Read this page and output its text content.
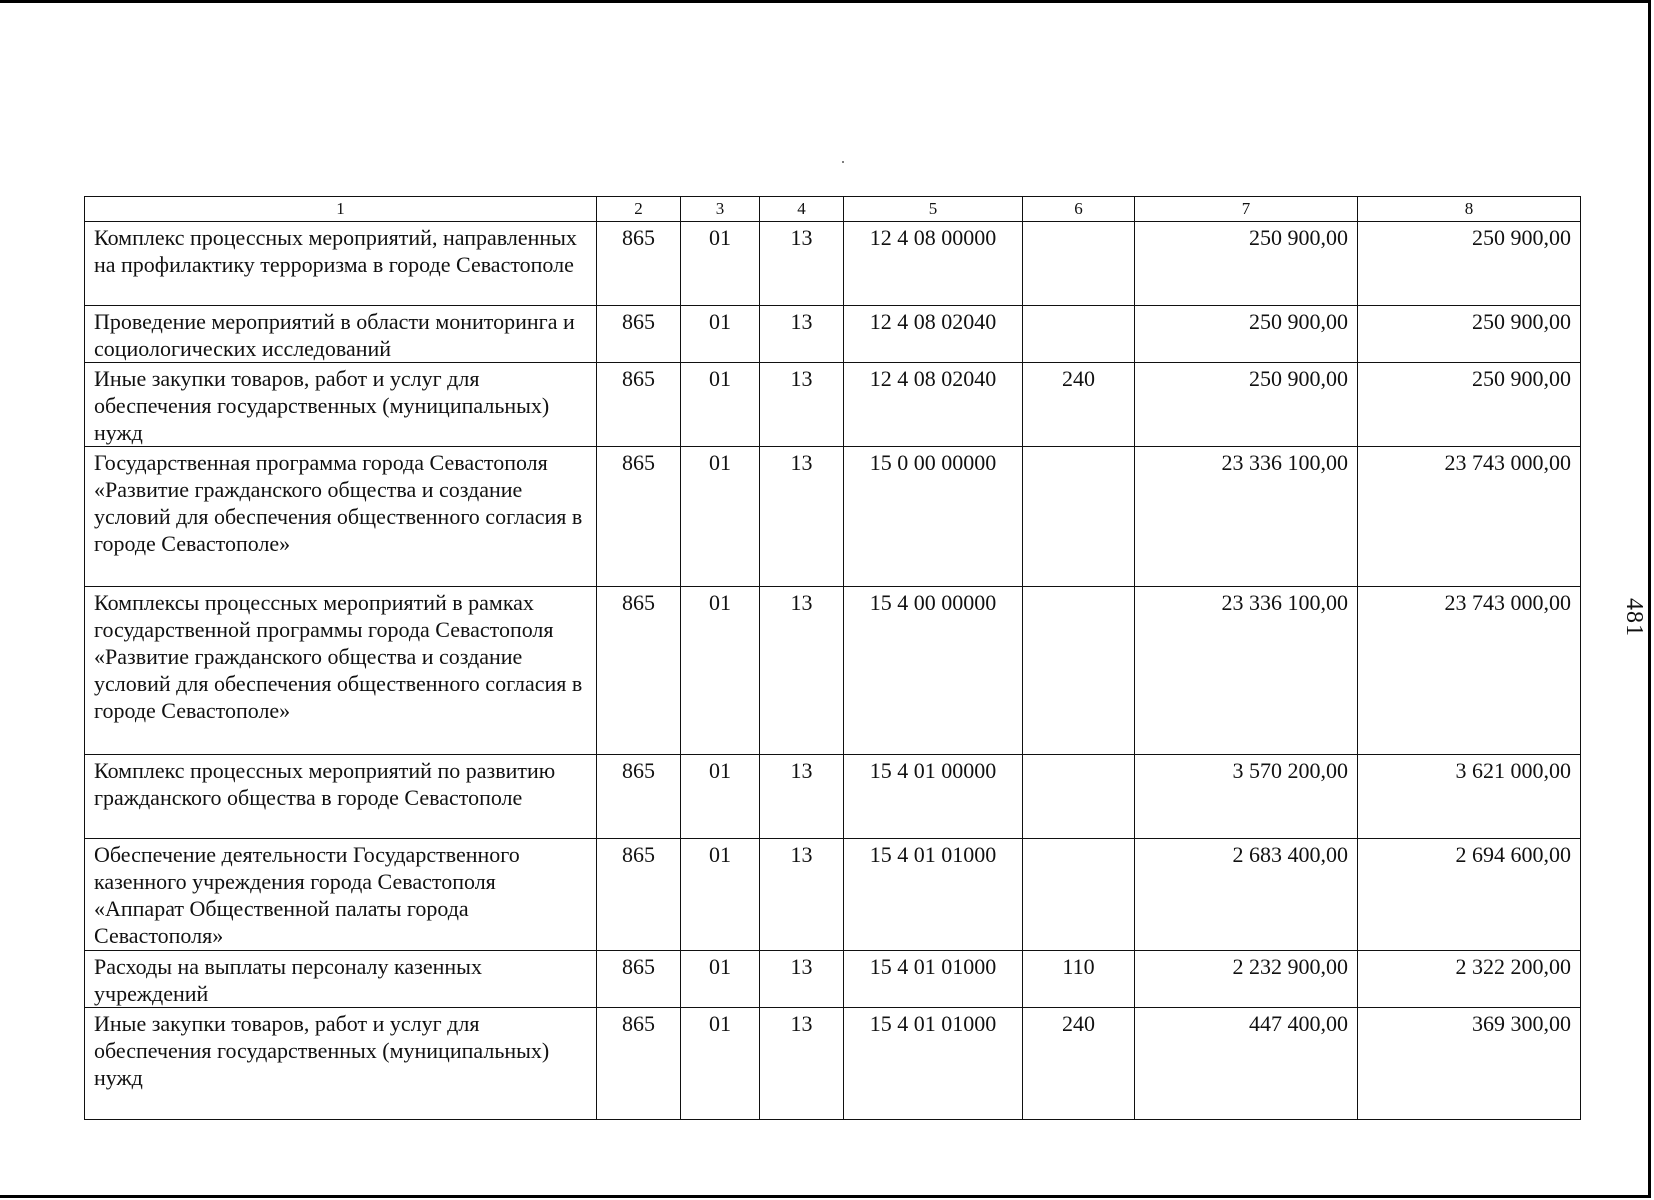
1	2	3	4	5	6	7	8
Комплекс процессных мероприятий, направленных на профилактику терроризма в городе Севастополе	865	01	13	12 4 08 00000		250 900,00	250 900,00
Проведение мероприятий в области мониторинга и социологических исследований	865	01	13	12 4 08 02040		250 900,00	250 900,00
Иные закупки товаров, работ и услуг для обеспечения государственных (муниципальных) нужд	865	01	13	12 4 08 02040	240	250 900,00	250 900,00
Государственная программа города Севастополя «Развитие гражданского общества и создание условий для обеспечения общественного согласия в городе Севастополе»	865	01	13	15 0 00 00000		23 336 100,00	23 743 000,00
Комплексы процессных мероприятий в рамках государственной программы города Севастополя «Развитие гражданского общества и создание условий для обеспечения общественного согласия в городе Севастополе»	865	01	13	15 4 00 00000		23 336 100,00	23 743 000,00
Комплекс процессных мероприятий по развитию гражданского общества в городе Севастополе	865	01	13	15 4 01 00000		3 570 200,00	3 621 000,00
Обеспечение деятельности Государственного казенного учреждения города Севастополя «Аппарат Общественной палаты города Севастополя»	865	01	13	15 4 01 01000		2 683 400,00	2 694 600,00
Расходы на выплаты персоналу казенных учреждений	865	01	13	15 4 01 01000	110	2 232 900,00	2 322 200,00
Иные закупки товаров, работ и услуг для обеспечения государственных (муниципальных) нужд	865	01	13	15 4 01 01000	240	447 400,00	369 300,00
481
